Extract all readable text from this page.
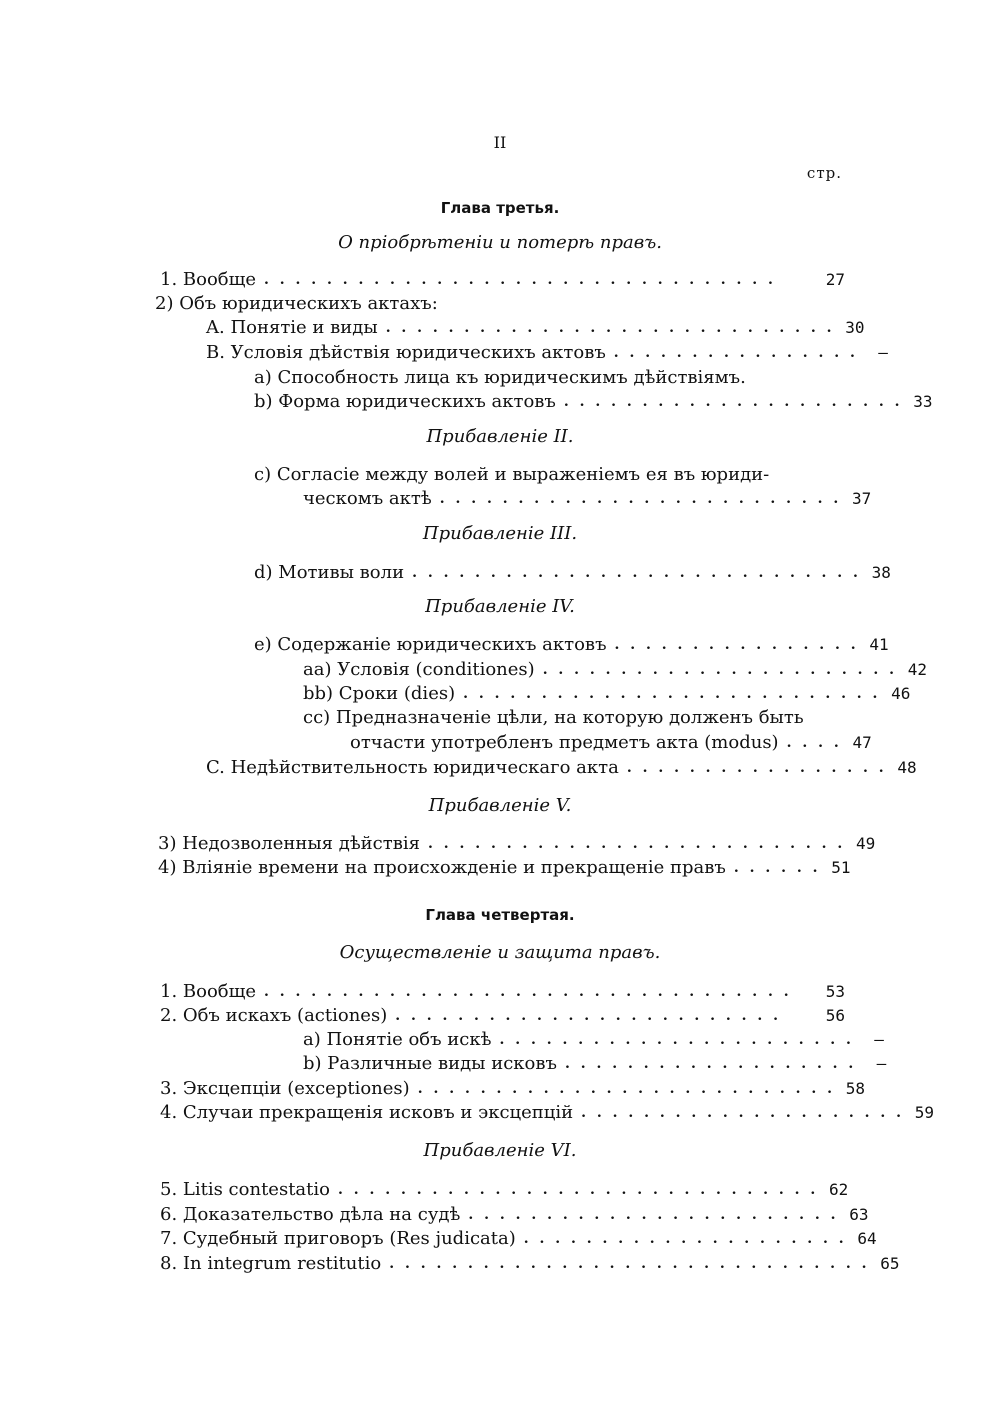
II
стр.
Глава третья.
О пріобрѣтеніи и потерѣ правъ.
1. Вообще . . . . . . . . . . . . . . . . . . . . . . . . . . . . . . . . .	27
2) Объ юридическихъ актахъ:
A. Понятіе и виды . . . . . . . . . . . . . . . . . . . . . . . . . . . . . 30
B. Условія дѣйствія юридическихъ актовъ . . . . . . . . . . . . . . . .	—
a) Способность лица къ юридическимъ дѣйствіямъ.
b) Форма юридическихъ актовъ . . . . . . . . . . . . . . . . . . . . . . 33
Прибавленіе II.
c) Согласіе между волей и выраженіемъ ея въ юриди-
ческомъ актѣ . . . . . . . . . . . . . . . . . . . . . . . . . . 37
Прибавленіе III.
d) Мотивы воли . . . . . . . . . . . . . . . . . . . . . . . . . . . . . 38
Прибавленіе IV.
e) Содержаніе юридическихъ актовъ . . . . . . . . . . . . . . . . 41
aa) Условія (conditiones) . . . . . . . . . . . . . . . . . . . . . . . 42
bb) Сроки (dies) . . . . . . . . . . . . . . . . . . . . . . . . . . . 46
cc) Предназначеніе цѣли, на которую долженъ быть
отчасти употребленъ предметъ акта (modus) . . . . 47
C. Недѣйствительность юридическаго акта . . . . . . . . . . . . . . . . . 48
Прибавленіе V.
3) Недозволенныя дѣйствія . . . . . . . . . . . . . . . . . . . . . . . . . . . 49
4) Вліяніе времени на происхожденіе и прекращеніе правъ . . . . . . 51
Глава четвертая.
Осуществленіе и защита правъ.
1. Вообще . . . . . . . . . . . . . . . . . . . . . . . . . . . . . . . . . .	53
2. Объ искахъ (actiones) . . . . . . . . . . . . . . . . . . . . . . . . .	56
a) Понятіе объ искѣ . . . . . . . . . . . . . . . . . . . . . . .	—
b) Различные виды исковъ . . . . . . . . . . . . . . . . . . .	—
3. Эксцепціи (exceptiones) . . . . . . . . . . . . . . . . . . . . . . . . . . . 58
4. Случаи прекращенія исковъ и эксцепцій . . . . . . . . . . . . . . . . . . . . . 59
Прибавленіе VI.
5. Litis contestatio . . . . . . . . . . . . . . . . . . . . . . . . . . . . . . . 62
6. Доказательство дѣла на судѣ . . . . . . . . . . . . . . . . . . . . . . . . 63
7. Судебный приговоръ (Res judicata) . . . . . . . . . . . . . . . . . . . . . 64
8. In integrum restitutio . . . . . . . . . . . . . . . . . . . . . . . . . . . . . . . 65
